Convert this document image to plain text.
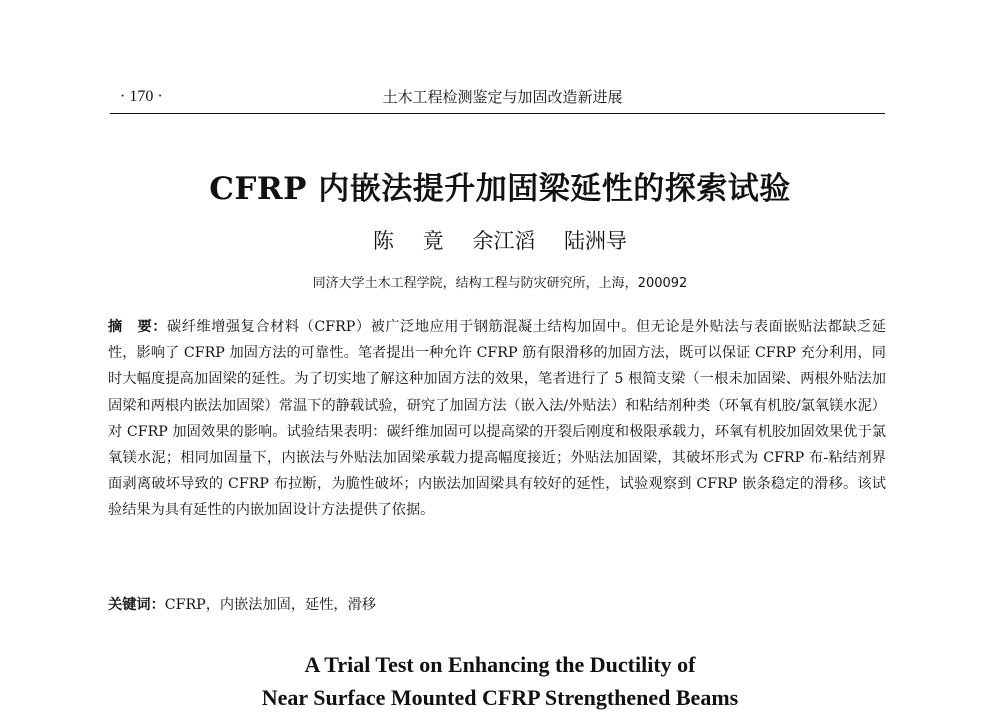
· 170 ·	土木工程检测鉴定与加固改造新进展
CFRP 内嵌法提升加固梁延性的探索试验
陈 竟 余江滔 陆洲导
同济大学土木工程学院，结构工程与防灾研究所，上海，200092
摘　要：碳纤维增强复合材料（CFRP）被广泛地应用于钢筋混凝土结构加固中。但无论是外贴法与表面嵌贴法都缺乏延性，影响了 CFRP 加固方法的可靠性。笔者提出一种允许 CFRP 筋有限滑移的加固方法，既可以保证 CFRP 充分利用，同时大幅度提高加固梁的延性。为了切实地了解这种加固方法的效果，笔者进行了 5 根简支梁（一根未加固梁、两根外贴法加固梁和两根内嵌法加固梁）常温下的静载试验，研究了加固方法（嵌入法/外贴法）和粘结剂种类（环氧有机胶/氯氧镁水泥）对 CFRP 加固效果的影响。试验结果表明：碳纤维加固可以提高梁的开裂后刚度和极限承载力，环氧有机胶加固效果优于氯氧镁水泥；相同加固量下，内嵌法与外贴法加固梁承载力提高幅度接近；外贴法加固梁，其破坏形式为 CFRP 布-粘结剂界面剥离破坏导致的 CFRP 布拉断，为脆性破坏；内嵌法加固梁具有较好的延性，试验观察到 CFRP 嵌条稳定的滑移。该试验结果为具有延性的内嵌加固设计方法提供了依据。
关键词：CFRP，内嵌法加固，延性，滑移
A Trial Test on Enhancing the Ductility of
Near Surface Mounted CFRP Strengthened Beams
